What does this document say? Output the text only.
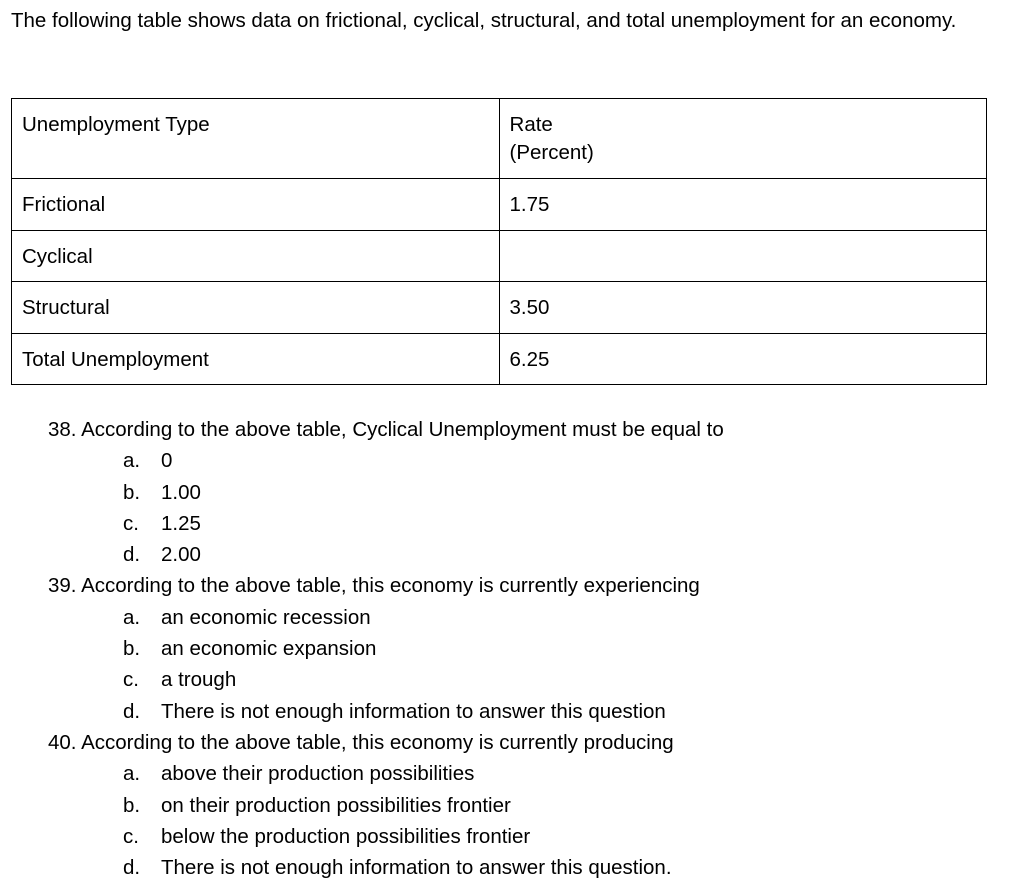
The following table shows data on frictional, cyclical, structural, and total unemployment for an economy.

Unemployment Type	Rate
(Percent)
Frictional	1.75
Cyclical	
Structural	3.50
Total Unemployment	6.25
38. According to the above table, Cyclical Unemployment must be equal to
a. 0
b. 1.00
c. 1.25
d. 2.00
39. According to the above table, this economy is currently experiencing
a. an economic recession
b. an economic expansion
c. a trough
d. There is not enough information to answer this question
40. According to the above table, this economy is currently producing
a. above their production possibilities
b. on their production possibilities frontier
c. below the production possibilities frontier
d. There is not enough information to answer this question.
